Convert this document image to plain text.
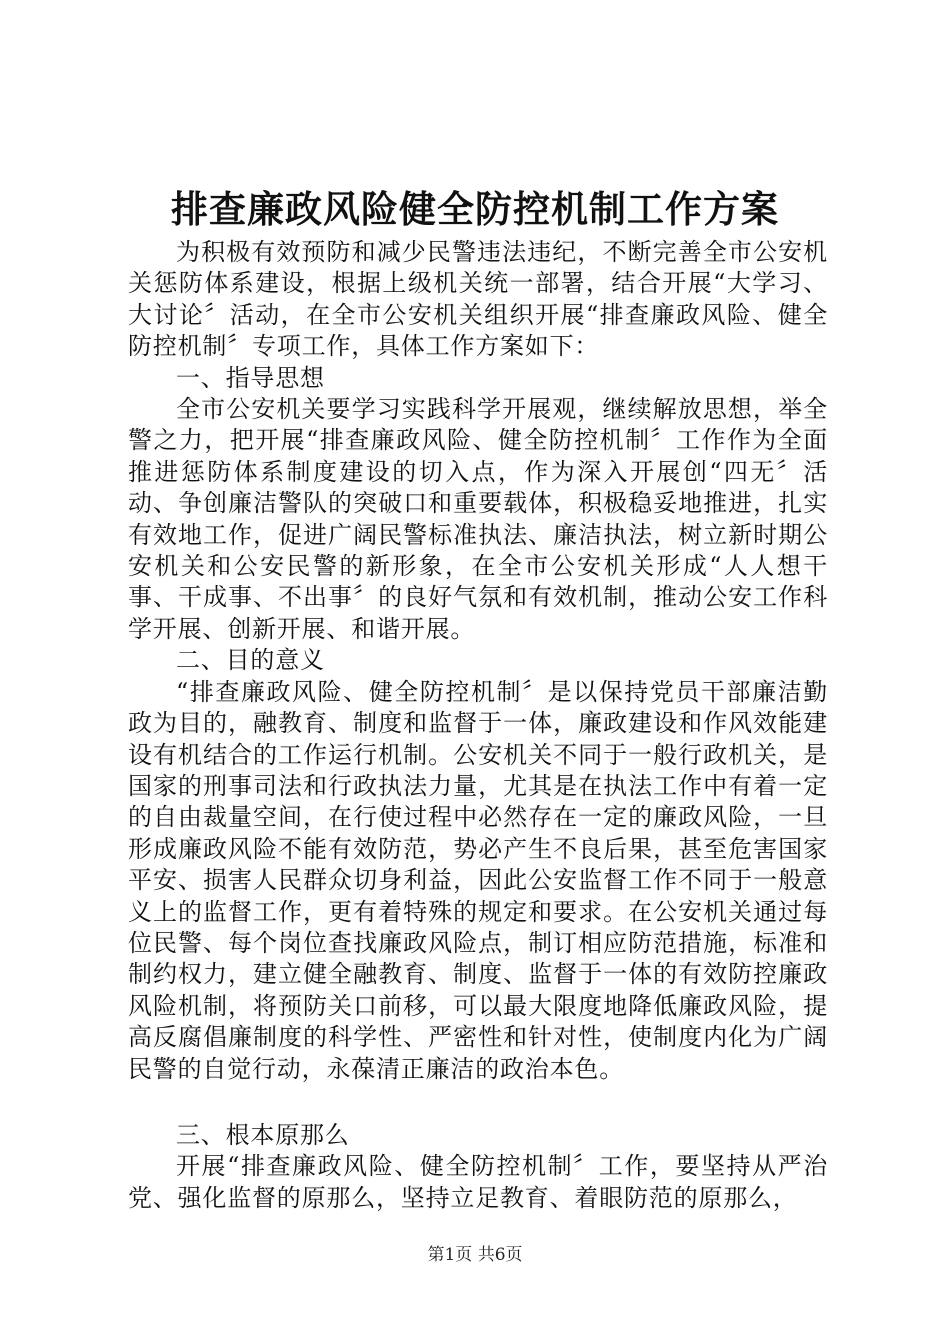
排查廉政风险健全防控机制工作方案

为积极有效预防和减少民警违法违纪，不断完善全市公安机关惩防体系建设，根据上级机关统一部署，结合开展“大学习、大讨论〞活动，在全市公安机关组织开展“排查廉政风险、健全防控机制〞专项工作，具体工作方案如下：

一、指导思想

全市公安机关要学习实践科学开展观，继续解放思想，举全警之力，把开展“排查廉政风险、健全防控机制〞工作作为全面推进惩防体系制度建设的切入点，作为深入开展创“四无〞活动、争创廉洁警队的突破口和重要载体，积极稳妥地推进，扎实有效地工作，促进广阔民警标准执法、廉洁执法，树立新时期公安机关和公安民警的新形象，在全市公安机关形成“人人想干事、干成事、不出事〞的良好气氛和有效机制，推动公安工作科学开展、创新开展、和谐开展。

二、目的意义

“排查廉政风险、健全防控机制〞是以保持党员干部廉洁勤政为目的，融教育、制度和监督于一体，廉政建设和作风效能建设有机结合的工作运行机制。公安机关不同于一般行政机关，是国家的刑事司法和行政执法力量，尤其是在执法工作中有着一定的自由裁量空间，在行使过程中必然存在一定的廉政风险，一旦形成廉政风险不能有效防范，势必产生不良后果，甚至危害国家平安、损害人民群众切身利益，因此公安监督工作不同于一般意义上的监督工作，更有着特殊的规定和要求。在公安机关通过每位民警、每个岗位查找廉政风险点，制订相应防范措施，标准和制约权力，建立健全融教育、制度、监督于一体的有效防控廉政风险机制，将预防关口前移，可以最大限度地降低廉政风险，提高反腐倡廉制度的科学性、严密性和针对性，使制度内化为广阔民警的自觉行动，永葆清正廉洁的政治本色。

三、根本原那么

开展“排查廉政风险、健全防控机制〞工作，要坚持从严治党、强化监督的原那么，坚持立足教育、着眼防范的原那么，

第1页 共6页
